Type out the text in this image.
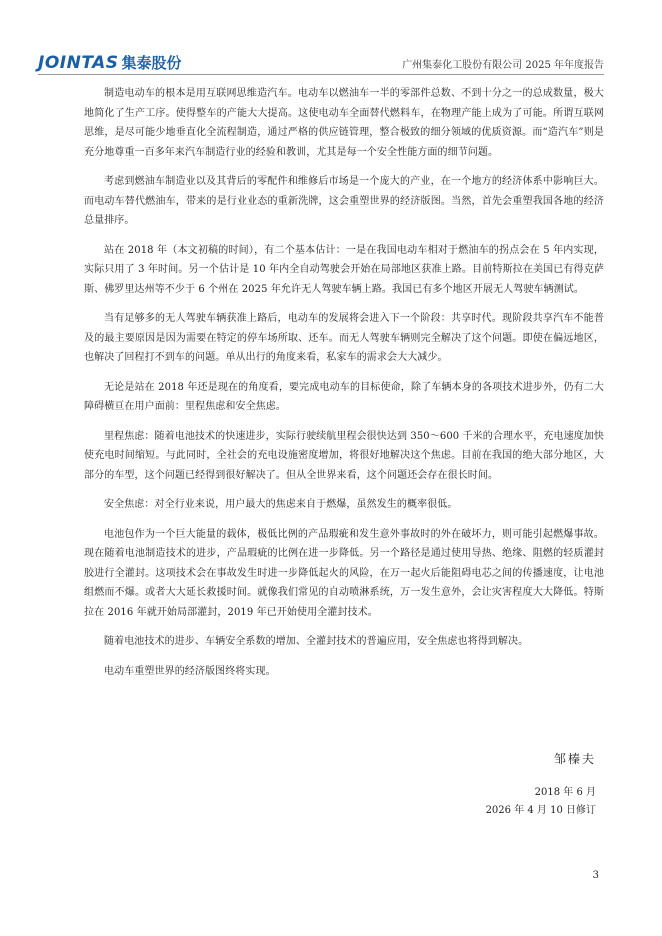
JOINTAS 集泰股份	广州集泰化工股份有限公司 2025 年年度报告

制造电动车的根本是用互联网思维造汽车。电动车以燃油车一半的零部件总数、不到十分之一的总成数量，极大地简化了生产工序。使得整车的产能大大提高。这使电动车全面替代燃料车，在物理产能上成为了可能。所谓互联网思维，是尽可能少地垂直化全流程制造，通过严格的供应链管理，整合极致的细分领域的优质资源。而“造汽车”则是充分地尊重一百多年来汽车制造行业的经验和教训，尤其是每一个安全性能方面的细节问题。

考虑到燃油车制造业以及其背后的零配件和维修后市场是一个庞大的产业，在一个地方的经济体系中影响巨大。而电动车替代燃油车，带来的是行业业态的重新洗牌，这会重塑世界的经济版图。当然，首先会重塑我国各地的经济总量排序。

站在 2018 年（本文初稿的时间），有二个基本估计：一是在我国电动车相对于燃油车的拐点会在 5 年内实现，实际只用了 3 年时间。另一个估计是 10 年内全自动驾驶会开始在局部地区获准上路。目前特斯拉在美国已有得克萨斯、佛罗里达州等不少于 6 个州在 2025 年允许无人驾驶车辆上路。我国已有多个地区开展无人驾驶车辆测试。

当有足够多的无人驾驶车辆获准上路后，电动车的发展将会进入下一个阶段：共享时代。现阶段共享汽车不能普及的最主要原因是因为需要在特定的停车场所取、还车。而无人驾驶车辆则完全解决了这个问题。即使在偏远地区，也解决了回程打不到车的问题。单从出行的角度来看，私家车的需求会大大减少。

无论是站在 2018 年还是现在的角度看，要完成电动车的目标使命，除了车辆本身的各项技术进步外，仍有二大障碍横亘在用户面前：里程焦虑和安全焦虑。

里程焦虑：随着电池技术的快速进步，实际行驶续航里程会很快达到 350～600 千米的合理水平，充电速度加快使充电时间缩短。与此同时，全社会的充电设施密度增加，将很好地解决这个焦虑。目前在我国的绝大部分地区，大部分的车型，这个问题已经得到很好解决了。但从全世界来看，这个问题还会存在很长时间。

安全焦虑：对全行业来说，用户最大的焦虑来自于燃爆，虽然发生的概率很低。

电池包作为一个巨大能量的载体，极低比例的产品瑕疵和发生意外事故时的外在破坏力，则可能引起燃爆事故。现在随着电池制造技术的进步，产品瑕疵的比例在进一步降低。另一个路径是通过使用导热、绝缘、阻燃的轻质灌封胶进行全灌封。这项技术会在事故发生时进一步降低起火的风险，在万一起火后能阻碍电芯之间的传播速度，让电池组燃而不爆。或者大大延长救援时间。就像我们常见的自动喷淋系统，万一发生意外，会让灾害程度大大降低。特斯拉在 2016 年就开始局部灌封，2019 年已开始使用全灌封技术。

随着电池技术的进步、车辆安全系数的增加、全灌封技术的普遍应用，安全焦虑也将得到解决。

电动车重塑世界的经济版图终将实现。

邹榛夫
2018 年 6 月
2026 年 4 月 10 日修订
3
